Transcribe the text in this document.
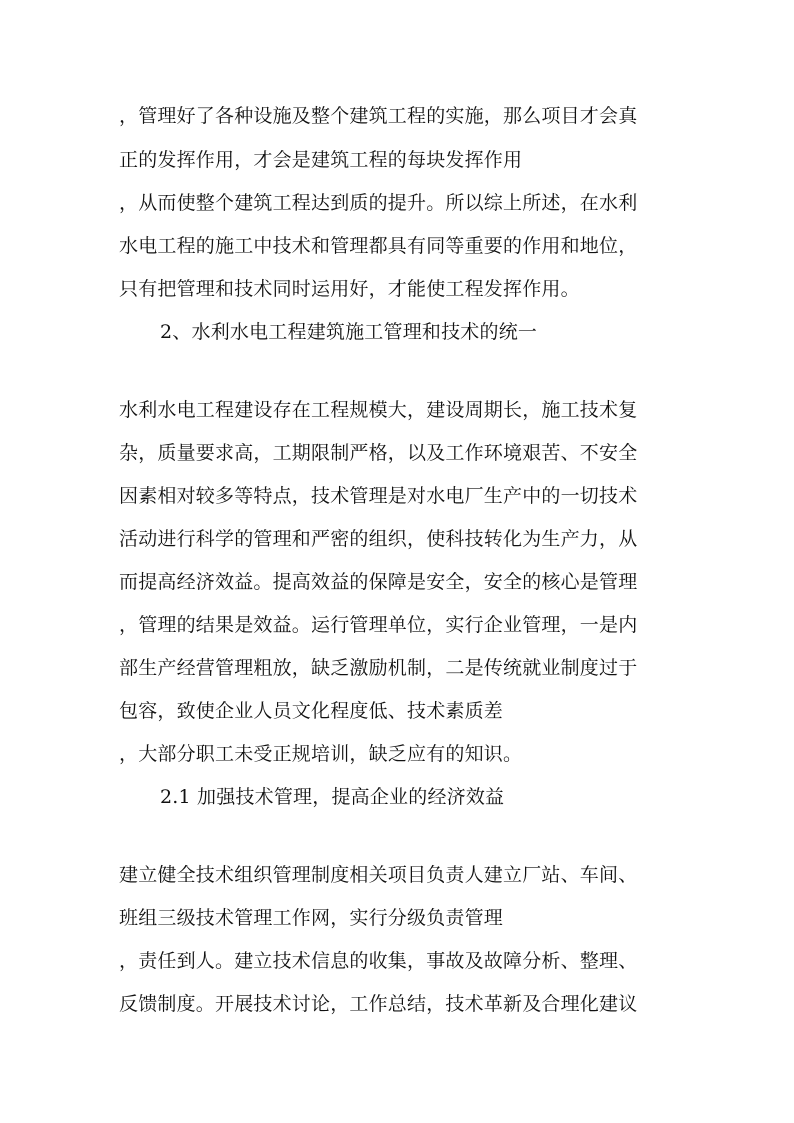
，管理好了各种设施及整个建筑工程的实施，那么项目才会真
正的发挥作用，才会是建筑工程的每块发挥作用
，从而使整个建筑工程达到质的提升。所以综上所述，在水利
水电工程的施工中技术和管理都具有同等重要的作用和地位，
只有把管理和技术同时运用好，才能使工程发挥作用。
2、水利水电工程建筑施工管理和技术的统一
水利水电工程建设存在工程规模大，建设周期长，施工技术复
杂，质量要求高，工期限制严格，以及工作环境艰苦、不安全
因素相对较多等特点，技术管理是对水电厂生产中的一切技术
活动进行科学的管理和严密的组织，使科技转化为生产力，从
而提高经济效益。提高效益的保障是安全，安全的核心是管理
，管理的结果是效益。运行管理单位，实行企业管理，一是内
部生产经营管理粗放，缺乏激励机制，二是传统就业制度过于
包容，致使企业人员文化程度低、技术素质差
，大部分职工未受正规培训，缺乏应有的知识。
2.1 加强技术管理，提高企业的经济效益
建立健全技术组织管理制度相关项目负责人建立厂站、车间、
班组三级技术管理工作网，实行分级负责管理
，责任到人。建立技术信息的收集，事故及故障分析、整理、
反馈制度。开展技术讨论，工作总结，技术革新及合理化建议
